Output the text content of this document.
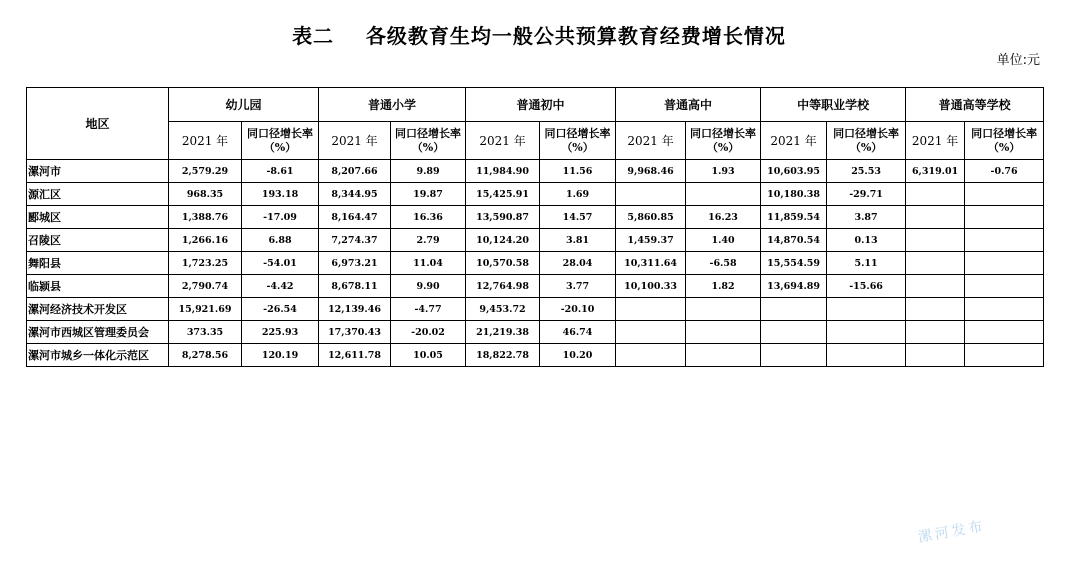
表二    各级教育生均一般公共预算教育经费增长情况
单位:元
地区	幼儿园		普通小学		普通初中		普通高中		中等职业学校		普通高等学校	
	2021 年	同口径增长率（%）	2021 年	同口径增长率（%）	2021 年	同口径增长率（%）	2021 年	同口径增长率（%）	2021 年	同口径增长率（%）	2021 年	同口径增长率（%）
漯河市	2,579.29	-8.61	8,207.66	9.89	11,984.90	11.56	9,968.46	1.93	10,603.95	25.53	6,319.01	-0.76
源汇区	968.35	193.18	8,344.95	19.87	15,425.91	1.69			10,180.38	-29.71		
郾城区	1,388.76	-17.09	8,164.47	16.36	13,590.87	14.57	5,860.85	16.23	11,859.54	3.87		
召陵区	1,266.16	6.88	7,274.37	2.79	10,124.20	3.81	1,459.37	1.40	14,870.54	0.13		
舞阳县	1,723.25	-54.01	6,973.21	11.04	10,570.58	28.04	10,311.64	-6.58	15,554.59	5.11		
临颍县	2,790.74	-4.42	8,678.11	9.90	12,764.98	3.77	10,100.33	1.82	13,694.89	-15.66		
漯河经济技术开发区	15,921.69	-26.54	12,139.46	-4.77	9,453.72	-20.10						
漯河市西城区管理委员会	373.35	225.93	17,370.43	-20.02	21,219.38	46.74						
漯河市城乡一体化示范区	8,278.56	120.19	12,611.78	10.05	18,822.78	10.20						
漯河发布
